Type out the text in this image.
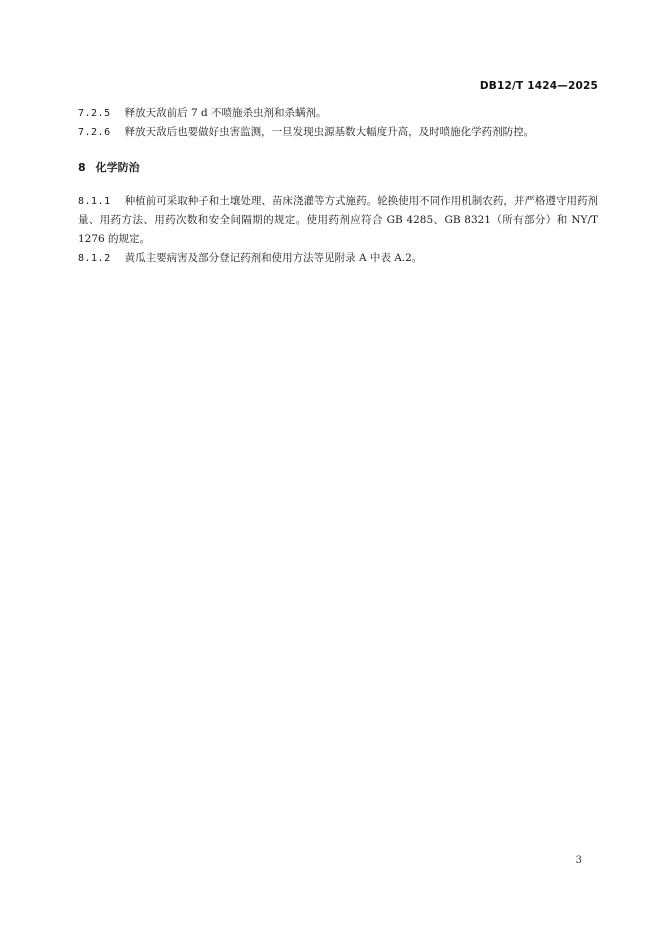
DB12/T 1424—2025

7.2.5 释放天敌前后 7 d 不喷施杀虫剂和杀螨剂。

7.2.6 释放天敌后也要做好虫害监测，一旦发现虫源基数大幅度升高，及时喷施化学药剂防控。

8 化学防治

8.1.1 种植前可采取种子和土壤处理、苗床浇灌等方式施药。轮换使用不同作用机制农药，并严格遵守用药剂量、用药方法、用药次数和安全间隔期的规定。使用药剂应符合 GB 4285、GB 8321（所有部分）和 NY/T 1276 的规定。

8.1.2 黄瓜主要病害及部分登记药剂和使用方法等见附录 A 中表 A.2。

3
